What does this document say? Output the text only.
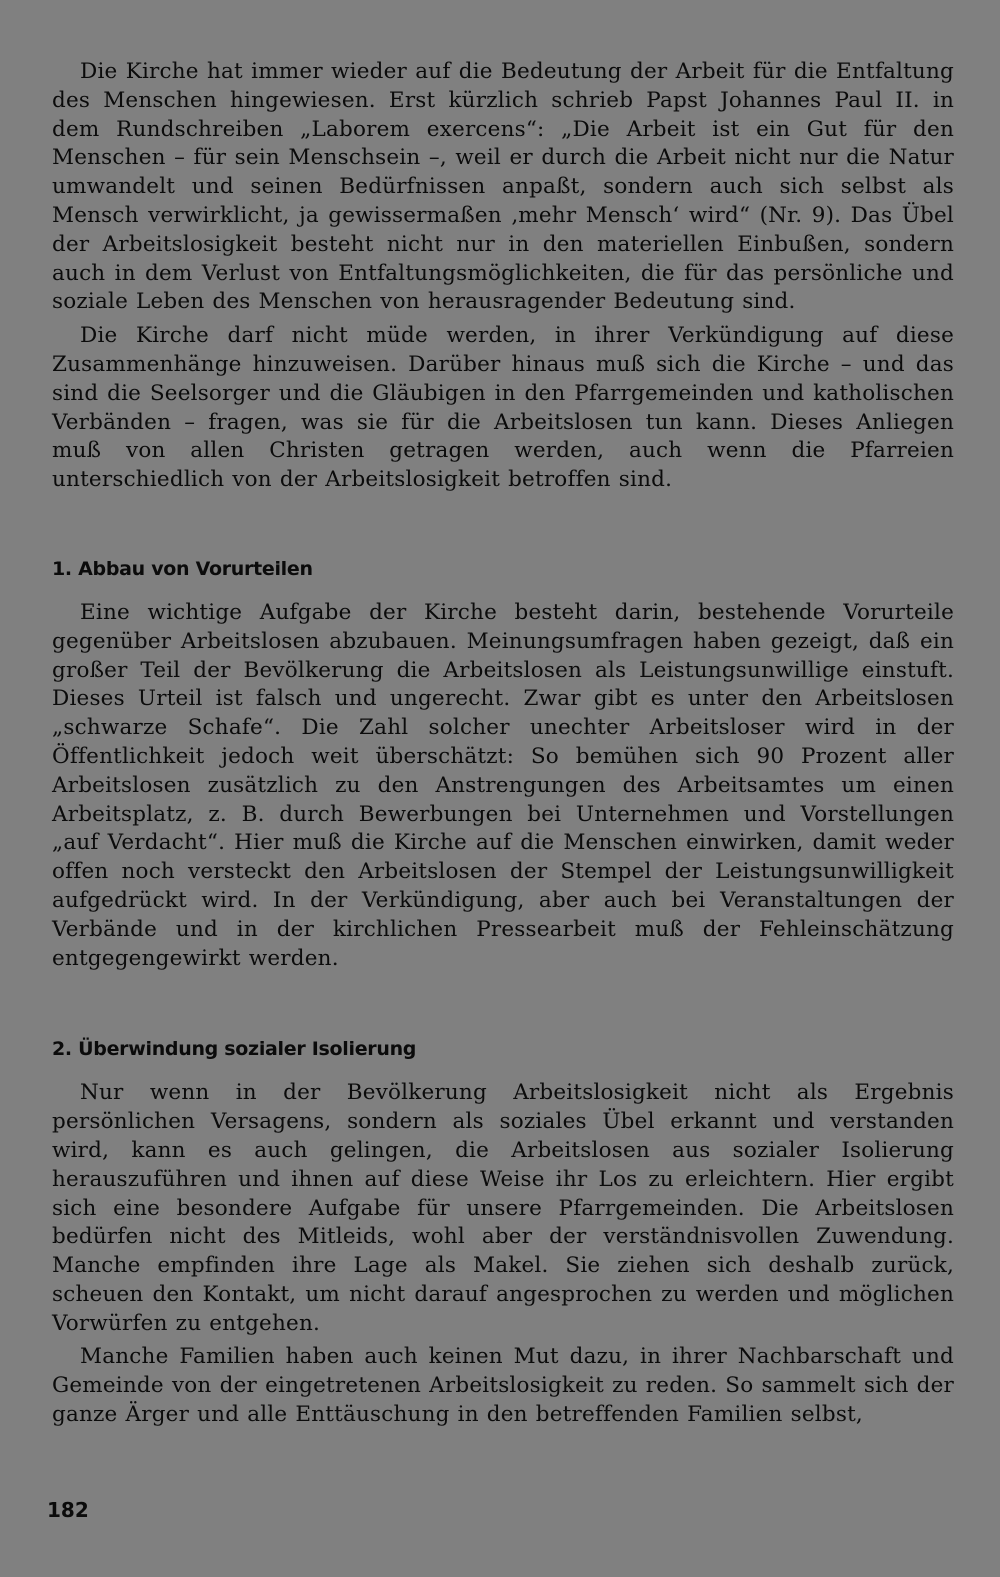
Die Kirche hat immer wieder auf die Bedeutung der Arbeit für die Entfaltung des Menschen hingewiesen. Erst kürzlich schrieb Papst Johannes Paul II. in dem Rundschreiben „Laborem exercens“: „Die Arbeit ist ein Gut für den Menschen – für sein Menschsein –, weil er durch die Arbeit nicht nur die Natur umwandelt und seinen Bedürfnissen anpaßt, sondern auch sich selbst als Mensch verwirklicht, ja gewissermaßen ‚mehr Mensch‘ wird“ (Nr. 9). Das Übel der Arbeitslosigkeit besteht nicht nur in den materiellen Einbußen, sondern auch in dem Verlust von Entfaltungsmöglichkeiten, die für das persönliche und soziale Leben des Menschen von herausragender Bedeutung sind.

Die Kirche darf nicht müde werden, in ihrer Verkündigung auf diese Zusammenhänge hinzuweisen. Darüber hinaus muß sich die Kirche – und das sind die Seelsorger und die Gläubigen in den Pfarrgemeinden und katholischen Verbänden – fragen, was sie für die Arbeitslosen tun kann. Dieses Anliegen muß von allen Christen getragen werden, auch wenn die Pfarreien unterschiedlich von der Arbeitslosigkeit betroffen sind.

1. Abbau von Vorurteilen

Eine wichtige Aufgabe der Kirche besteht darin, bestehende Vorurteile gegenüber Arbeitslosen abzubauen. Meinungsumfragen haben gezeigt, daß ein großer Teil der Bevölkerung die Arbeitslosen als Leistungsunwillige einstuft. Dieses Urteil ist falsch und ungerecht. Zwar gibt es unter den Arbeitslosen „schwarze Schafe“. Die Zahl solcher unechter Arbeitsloser wird in der Öffentlichkeit jedoch weit überschätzt: So bemühen sich 90 Prozent aller Arbeitslosen zusätzlich zu den Anstrengungen des Arbeitsamtes um einen Arbeitsplatz, z. B. durch Bewerbungen bei Unternehmen und Vorstellungen „auf Verdacht“. Hier muß die Kirche auf die Menschen einwirken, damit weder offen noch versteckt den Arbeitslosen der Stempel der Leistungsunwilligkeit aufgedrückt wird. In der Verkündigung, aber auch bei Veranstaltungen der Verbände und in der kirchlichen Pressearbeit muß der Fehleinschätzung entgegengewirkt werden.

2. Überwindung sozialer Isolierung

Nur wenn in der Bevölkerung Arbeitslosigkeit nicht als Ergebnis persönlichen Versagens, sondern als soziales Übel erkannt und verstanden wird, kann es auch gelingen, die Arbeitslosen aus sozialer Isolierung herauszuführen und ihnen auf diese Weise ihr Los zu erleichtern. Hier ergibt sich eine besondere Aufgabe für unsere Pfarrgemeinden. Die Arbeitslosen bedürfen nicht des Mitleids, wohl aber der verständnisvollen Zuwendung. Manche empfinden ihre Lage als Makel. Sie ziehen sich deshalb zurück, scheuen den Kontakt, um nicht darauf angesprochen zu werden und möglichen Vorwürfen zu entgehen.

Manche Familien haben auch keinen Mut dazu, in ihrer Nachbarschaft und Gemeinde von der eingetretenen Arbeitslosigkeit zu reden. So sammelt sich der ganze Ärger und alle Enttäuschung in den betreffenden Familien selbst,

182
